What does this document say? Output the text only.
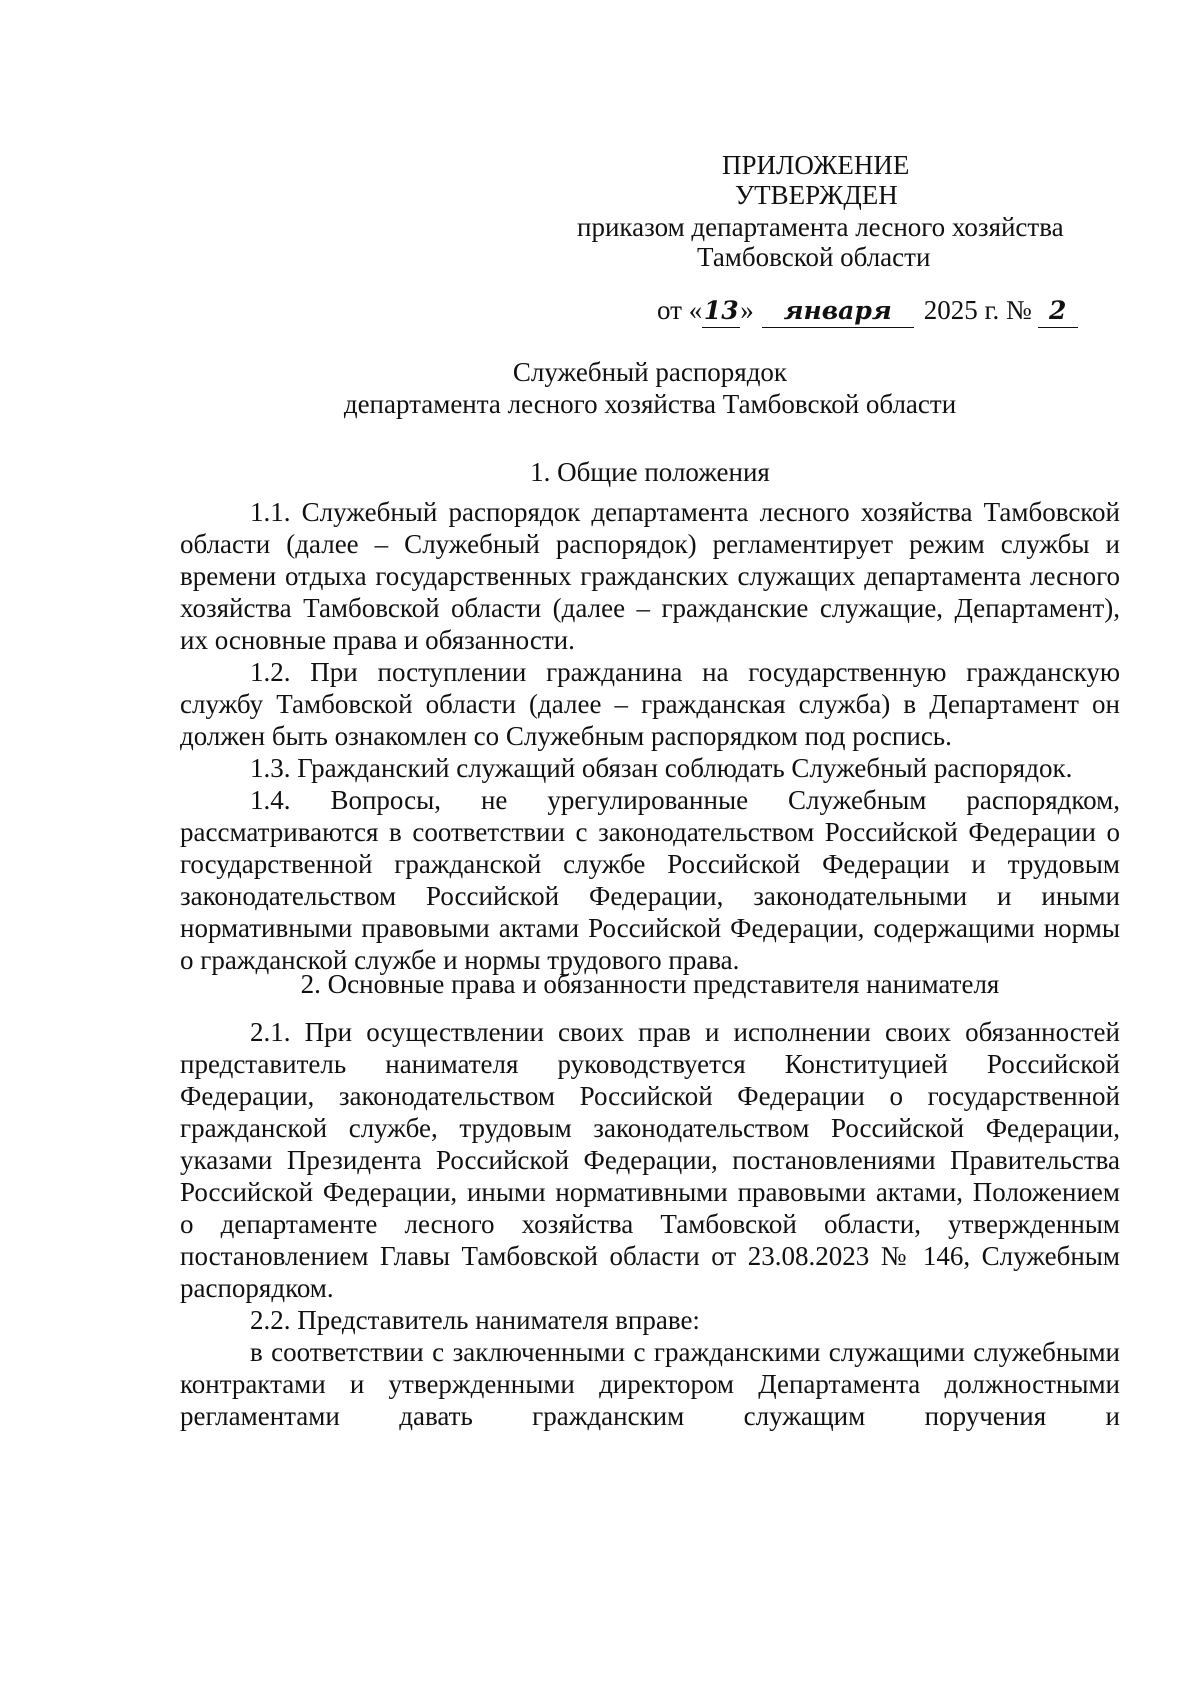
ПРИЛОЖЕНИЕ
УТВЕРЖДЕН
приказом департамента лесного хозяйства
Тамбовской области
от «13» января 2025 г. № 2
Служебный распорядок
департамента лесного хозяйства Тамбовской области
1. Общие положения

1.1. Служебный распорядок департамента лесного хозяйства Тамбовской области (далее – Служебный распорядок) регламентирует режим службы и времени отдыха государственных гражданских служащих департамента лесного хозяйства Тамбовской области (далее – гражданские служащие, Департамент), их основные права и обязанности.

1.2. При поступлении гражданина на государственную гражданскую службу Тамбовской области (далее – гражданская служба) в Департамент он должен быть ознакомлен со Служебным распорядком под роспись.

1.3. Гражданский служащий обязан соблюдать Служебный распорядок.

1.4. Вопросы, не урегулированные Служебным распорядком, рассматриваются в соответствии с законодательством Российской Федерации о государственной гражданской службе Российской Федерации и трудовым законодательством Российской Федерации, законодательными и иными нормативными правовыми актами Российской Федерации, содержащими нормы о гражданской службе и нормы трудового права.

2. Основные права и обязанности представителя нанимателя

2.1. При осуществлении своих прав и исполнении своих обязанностей представитель нанимателя руководствуется Конституцией Российской Федерации, законодательством Российской Федерации о государственной гражданской службе, трудовым законодательством Российской Федерации, указами Президента Российской Федерации, постановлениями Правительства Российской Федерации, иными нормативными правовыми актами, Положением о департаменте лесного хозяйства Тамбовской области, утвержденным постановлением Главы Тамбовской области от 23.08.2023 № 146, Служебным распорядком.

2.2. Представитель нанимателя вправе:

в соответствии с заключенными с гражданскими служащими служебными контрактами и утвержденными директором Департамента должностными регламентами давать гражданским служащим поручения и
